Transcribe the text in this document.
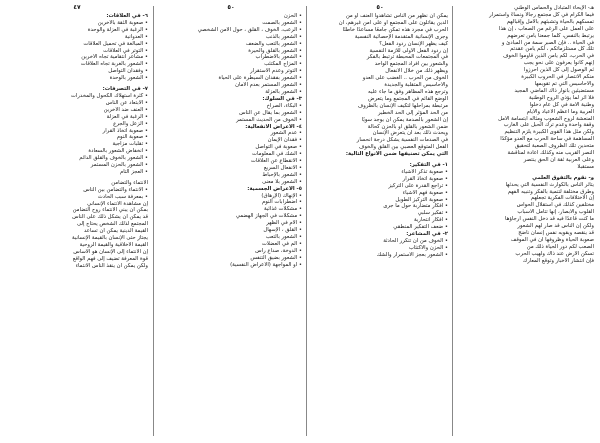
هـ- الإيحاء المتبادل والحماس الوطني
فيما الكرام في كل مجتمع رجالاً ونساءً واستمرار
تمسكهم بالحياة وتشبثهم بالأمل وإقبالهم
على العمل على الرغم من الصعاب ، إن هذا
يرتبط بالنفس، كلما جمعنا يأمن تعرضهم
في الحياة .. فإن الصبر سمة من المبادئ و
تلك كل مستلزماتكم ، لكم يأمن عقدتم
في الحرب، لكم يأمن الذين قاوموا الخوف
إنهم كانوا يعرفون على نحو يجب
ثم الوصول إلى كل الذين أحرزوا
منكم الانتصار في الحروب الكبيرة
والأحاسيس التي تم تقويمها
مستضيئين بأنوار ذاك الماضي المجيد
فلا أثر لما يؤذي الروح الوطنية
وطنية الأمة في كل عام دخلوا
العربية وما أعظم الأعياد والأيام
المنعشة لروح الشعوب ومثاله ابتسامة الأمل
وقفة واحدة وعدم ترك الحبل على الغارب
ولكن مثل هذا القوى الكبيرة يلزم التنظيم
المساهمة في ساحة الحرب مع العدو مؤكدًا
متحدين تلك الظروف الصعبة لتحقيق
النصر القريب منه وكذلك اعادة لمناقشة
وعلى العربية ثقة أن الحق ينتصر
مستقبلاً
و- نقوم بالتفوق العلمي
يتأثر الناس بالكوارث النفسية التي يحدثها
وطرق مختلفة لتنمية بالفكر وتنبيه الفهم
إن الاختلافات الفكرية تجعلهم
مختلفين كذلك في استقلال الحواس
القلوب والأبصار، إنها تتأمل الأسباب
ما كنت قاعدًا فيه قد دخل النفس أرجاؤها
ولكن إن الناس قد صار لهم الشعور
قد ينقصه ويقويه نفس إنسان ناضج
صعوبة الحياة وظروفها أن في الموقف
الصعب لكم دور الحياة ذلك من
تسكن الأرض عند ذاك ولهيب الحرب
فإن انتشار الأخبار وتوقع المعارك
٥٠
يمكن أن نظهر من الناس تشاهدوا العنف أو من
الدين يقاتلون على المجتمع أو على أمن غيرهم، أن
الحرب في مجرد هذه تمكن جامعًا مساعدًا خاطئًا
وجرى الإنسانية المتقدمة الإحصائية النفسية
كيف يظهر الإنسان ردود الفعل؟
إن ردود الفعل الأولى للأزمة النفسية
في المجتمعات المحبطة ترتبط بالفكر
والشعور بين أفراد المجتمع الواحد
ويظهر ذلك من خلال الانفعال
الخوف من الحرب .. الغضب على العدو
والأحاسيس المتقلبة والجديدة
وترجع هذه المظاهر وفق ما جاء عليه
الوضع القائم في المجتمع وما يتعرض
مرتبطة بمراحلها لتكيف الإنسان بالظروف
من الحد المؤثر إلى الحد الخطير
إن الشعور بالصدمة يمكن أن يوجد سويًا
ضمن الشعور بالقلق أو بالحزن كحالة
ويحدث ذلك بعد أن يتعرض الإنسان
في الصدمات النفسية يشكل درجة انحسار
الفعل المتوقع العصبي بين القلق والخوف
التي يمكن تصنيفها ضمن الأنواع التالية:
١- في التفكير:
• صعوبة تذكر الأشياء
• صعوبة اتخاذ القرار
• تراجع القدرة على التركيز
• صعوبة فهم الأشياء
• صعوبة التركيز الطويل
• أفكار متضاربة حول ما جرى
• تفكير سلبي
• أفكار انتحارية
• ضعف التفكير المنطقي
٢- في المشاعر:
• الخوف من أن تتكرر الحادثة
• الحزن والاكتئاب
• الشعور بعجز الاستمرار والشك
٥٠
• الحزن
• الشعور بالصمت
• الرعب، الخوف ، القلق ، حول الأمن الشخصي
• الشعور بالذنب
• الشعور بالتعب والضعف
• الشعور بالقلق والحيرة
• الشعور بالاضطراب
• المزاج المكتئب
• التوتر وعدم الاستقرار
• الشعور بفقدان السيطرة على الحياة
• الشعور المستمر بعدم الأمان
• الشعور بالعزلة
٣- في السلوك:
• البكاء، الصراخ
• الشعور بما يقال عن الناس
• الخوف من الحديث المستمر
٤- الأعراض الانفعالية:
• عدم الشعور
• فقدان الإيمان
• صعوبة في التواصل
• الشك في المعلومات
• الانقطاع عن العلاقات
• الانفعال السريع
• الشعور بالإحباط
• الشعور بلا معنى
٥- الأعراض الجسمية:
• الإنهاك (الإرهاق)
• اضطرابات النوم
• مشكلات غذائية
• مشكلات في الجهاز الهضمي
• آلام في الظهر
• القلق ، الإسهال
• الشعور بالتعب
• الم في العضلات
• الدوخة، صداع رأس
• الشعور بضيق التنفس
• أو المواجهة (الأعراض النفسية)
٤٧
٦- في العلاقات:
• صعوبة الثقة بالآخرين
• الرغبة في العزلة والوحدة
• العدوانية
• المبالغة في تحميل العلاقات
• التوتر في العلاقات
• مشاعر انتقامية تجاه الآخرين
• الشعور بالغربة تجاه العلاقات
• وفقدان التواصل
• الشعور بالوحدة
٧- في التصرفات:
• كثرة استهلاك الكحول والمخدرات
• الابتعاد عن الناس
• العنف ضد الآخرين
• الرغبة في العزلة
• الزعل والجرع
• صعوبة اتخاذ القرار
• صعوبة النوم
• تقلبات مزاجية
• انخفاض الشعور بالسعادة
• الشعور بالخوف والقلق الدائم
• الشعور بالحزن المستمر
• العجز التام
الانتماء والتضامن
• الانتماء والتضامن بين الناس
• بمعرفة سبب الحادث
إن مشاهدة الانتماء الإنساني
بمكن أن يبني الانتماء روح التضامن
قد يمكن أن يشكل ذلك على الناس
المجتمع لذلك الشخص يحتاج إلى
القيمة الدينية يمكن أن تساعد
يجتاز حتى الإنسان بالقيمة الإنسانية
القيمة الأخلاقية والقيمة الروحية
إن الانتماء إلى الإنسان هو الأساس
قوة المعرفة تضيف إلى فهم الواقع
ولكن يمكن ان ينقذ الناس الانتماء
